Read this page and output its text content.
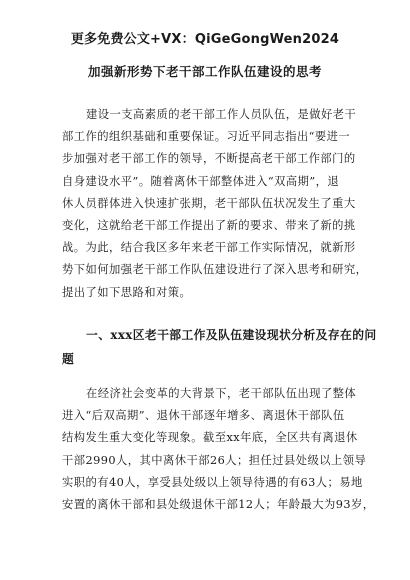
更多免费公文+VX：QiGeGongWen2024
加强新形势下老干部工作队伍建设的思考
建设一支高素质的老干部工作人员队伍，是做好老干
部工作的组织基础和重要保证。习近平同志指出“要进一
步加强对老干部工作的领导，不断提高老干部工作部门的
自身建设水平”。随着离休干部整体进入“双高期”，退
休人员群体进入快速扩张期，老干部队伍状况发生了重大
变化，这就给老干部工作提出了新的要求、带来了新的挑
战。为此，结合我区多年来老干部工作实际情况，就新形
势下如何加强老干部工作队伍建设进行了深入思考和研究，
提出了如下思路和对策。
一、xxx区老干部工作及队伍建设现状分析及存在的问
题
在经济社会变革的大背景下，老干部队伍出现了整体
进入“后双高期”、退休干部逐年增多、离退休干部队伍
结构发生重大变化等现象。截至xx年底，全区共有离退休
干部2990人，其中离休干部26人；担任过县处级以上领导
实职的有40人，享受县处级以上领导待遇的有63人；易地
安置的离休干部和县处级退休干部12人；年龄最大为93岁，
